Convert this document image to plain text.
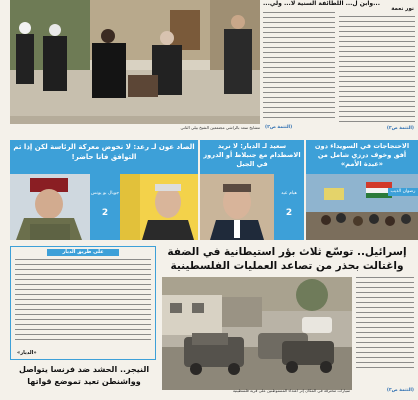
...وابن ل... اللطائفة السنية لا... ولي...
نور نعمة
مشايخ سعد بالراشي مجتمعين الشيخ بيلي الثاني (التتمة ص٢)	(التتمة ص٢)
الاحتجاجات في السويداء دون أفق وخوف درزي شامل من «عبدة الأمم»
رضوان الذيب
سعيد لـ الديار: لا نريد الاصطدام مع جنبلاط أو الدروز في الجبل
هيام عيد
2
الصاد عون لـ رعد: لا نخوض معركة الرئاسة لكن إذا تم التوافق فانا حاضر!
جوبال بو يونس
2
على طريق الديار
«الديار»
إسرائيل.. توسّع ثلاث بؤر استيطانية في الضفة
واغتالت بحذر من تصاعد العمليات الفلسطينية
سيارات محترقة في المكان إثر اعتداء المستوطنين على قرية فلسطينية	(التتمة ص٢)
النيجر.. الحشد ضد فرنسا يتواصل
وواشنطن تعيد تموضع قواتها
